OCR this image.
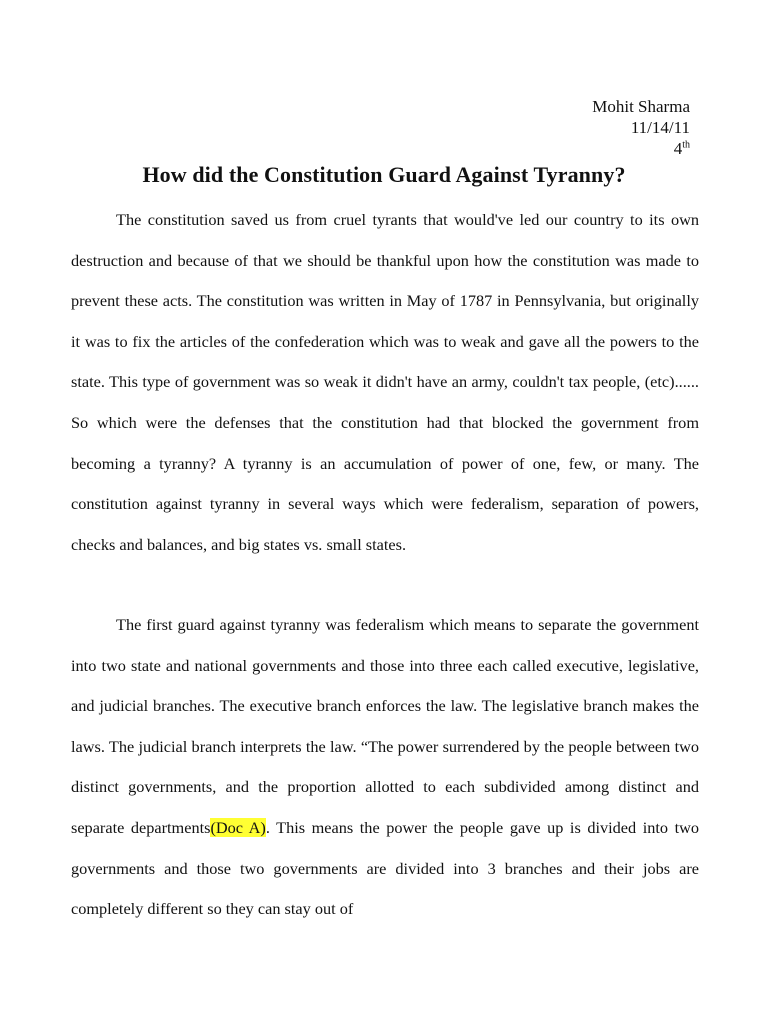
Mohit Sharma
11/14/11
4th
How did the Constitution Guard Against Tyranny?

The constitution saved us from cruel tyrants that would've led our country to its own destruction and because of that we should be thankful upon how the constitution was made to prevent these acts. The constitution was written in May of 1787 in Pennsylvania, but originally it was to fix the articles of the confederation which was to weak and gave all the powers to the state. This type of government was so weak it didn't have an army, couldn't tax people, (etc)...... So which were the defenses that the constitution had that blocked the government from becoming a tyranny? A tyranny is an accumulation of power of one, few, or many. The constitution against tyranny in several ways which were federalism, separation of powers, checks and balances, and big states vs. small states.

The first guard against tyranny was federalism which means to separate the government into two state and national governments and those into three each called executive, legislative, and judicial branches. The executive branch enforces the law. The legislative branch makes the laws. The judicial branch interprets the law. “The power surrendered by the people between two distinct governments, and the proportion allotted to each subdivided among distinct and separate departments(Doc A). This means the power the people gave up is divided into two governments and those two governments are divided into 3 branches and their jobs are completely different so they can stay out of
